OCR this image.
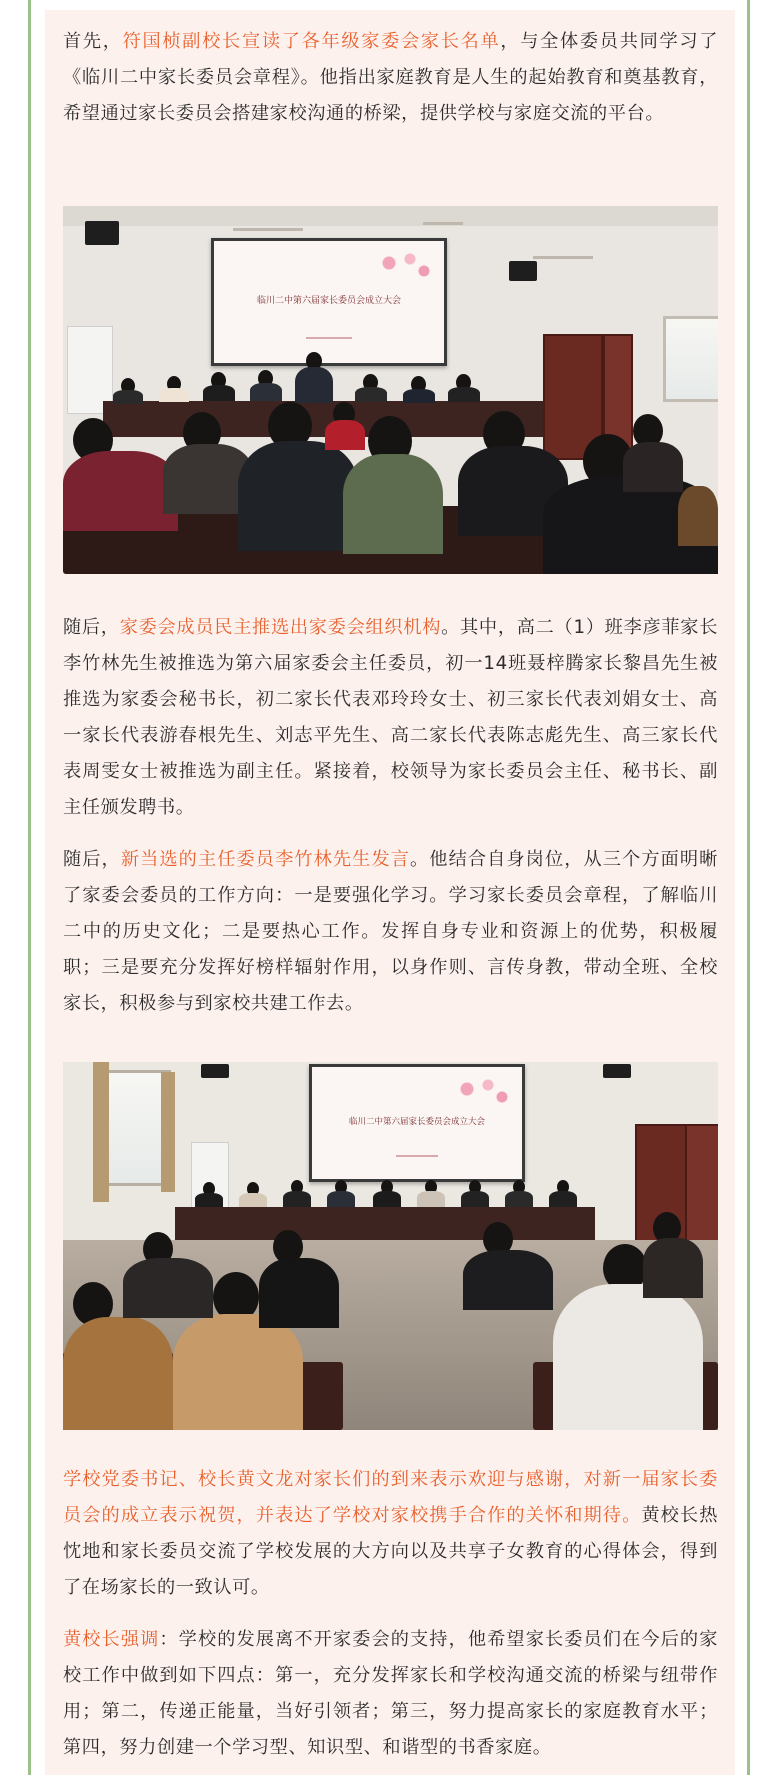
首先，符国桢副校长宣读了各年级家委会家长名单，与全体委员共同学习了《临川二中家长委员会章程》。他指出家庭教育是人生的起始教育和奠基教育，希望通过家长委员会搭建家校沟通的桥梁，提供学校与家庭交流的平台。

临川二中第六届家长委员会成立大会

随后，家委会成员民主推选出家委会组织机构。其中，高二（1）班李彦菲家长李竹林先生被推选为第六届家委会主任委员，初一14班聂梓腾家长黎昌先生被推选为家委会秘书长，初二家长代表邓玲玲女士、初三家长代表刘娟女士、高一家长代表游春根先生、刘志平先生、高二家长代表陈志彪先生、高三家长代表周雯女士被推选为副主任。紧接着，校领导为家长委员会主任、秘书长、副主任颁发聘书。

随后，新当选的主任委员李竹林先生发言。他结合自身岗位，从三个方面明晰了家委会委员的工作方向：一是要强化学习。学习家长委员会章程，了解临川二中的历史文化；二是要热心工作。发挥自身专业和资源上的优势，积极履职；三是要充分发挥好榜样辐射作用，以身作则、言传身教，带动全班、全校家长，积极参与到家校共建工作去。

临川二中第六届家长委员会成立大会

学校党委书记、校长黄文龙对家长们的到来表示欢迎与感谢，对新一届家长委员会的成立表示祝贺，并表达了学校对家校携手合作的关怀和期待。黄校长热忱地和家长委员交流了学校发展的大方向以及共享子女教育的心得体会，得到了在场家长的一致认可。

黄校长强调：学校的发展离不开家委会的支持，他希望家长委员们在今后的家校工作中做到如下四点：第一，充分发挥家长和学校沟通交流的桥梁与纽带作用；第二，传递正能量，当好引领者；第三，努力提高家长的家庭教育水平；第四，努力创建一个学习型、知识型、和谐型的书香家庭。
